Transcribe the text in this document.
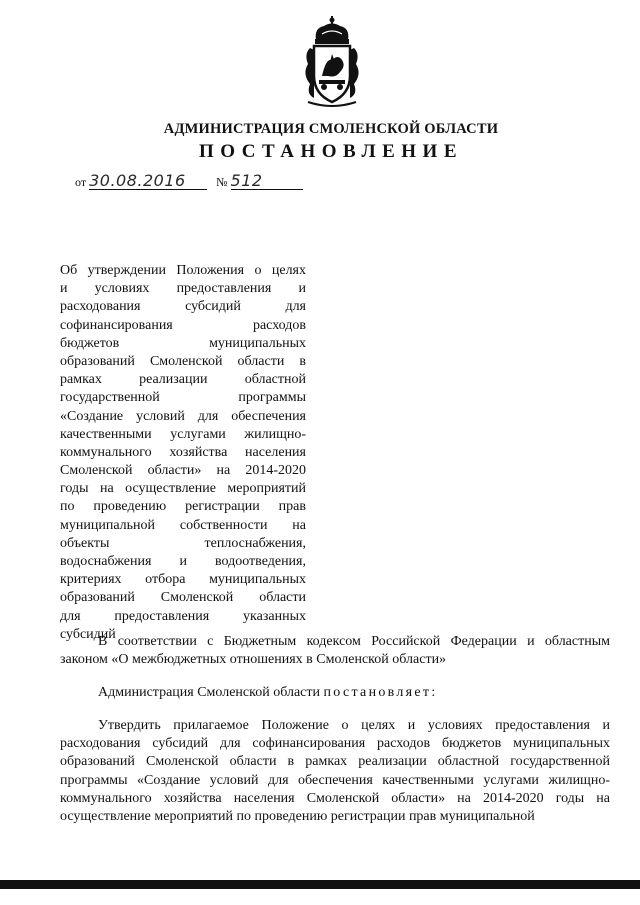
АДМИНИСТРАЦИЯ СМОЛЕНСКОЙ ОБЛАСТИ
ПОСТАНОВЛЕНИЕ
от 30.08.2016	№ 512
Об утверждении Положения о целях
и условиях предоставления и
расходования субсидий для
софинансирования расходов
бюджетов муниципальных
образований Смоленской области в
рамках реализации областной
государственной программы
«Создание условий для обеспечения
качественными услугами жилищно-
коммунального хозяйства населения
Смоленской области» на 2014-2020
годы на осуществление мероприятий
по проведению регистрации прав
муниципальной собственности на
объекты теплоснабжения,
водоснабжения и водоотведения,
критериях отбора муниципальных
образований Смоленской области
для предоставления указанных
субсидий
В соответствии с Бюджетным кодексом Российской Федерации и областным
законом «О межбюджетных отношениях в Смоленской области»
Администрация Смоленской области постановляет:
Утвердить прилагаемое Положение о целях и условиях предоставления и
расходования субсидий для софинансирования расходов бюджетов муниципальных
образований Смоленской области в рамках реализации областной государственной
программы «Создание условий для обеспечения качественными услугами жилищно-
коммунального хозяйства населения Смоленской области» на 2014-2020 годы на
осуществление мероприятий по проведению регистрации прав муниципальной
